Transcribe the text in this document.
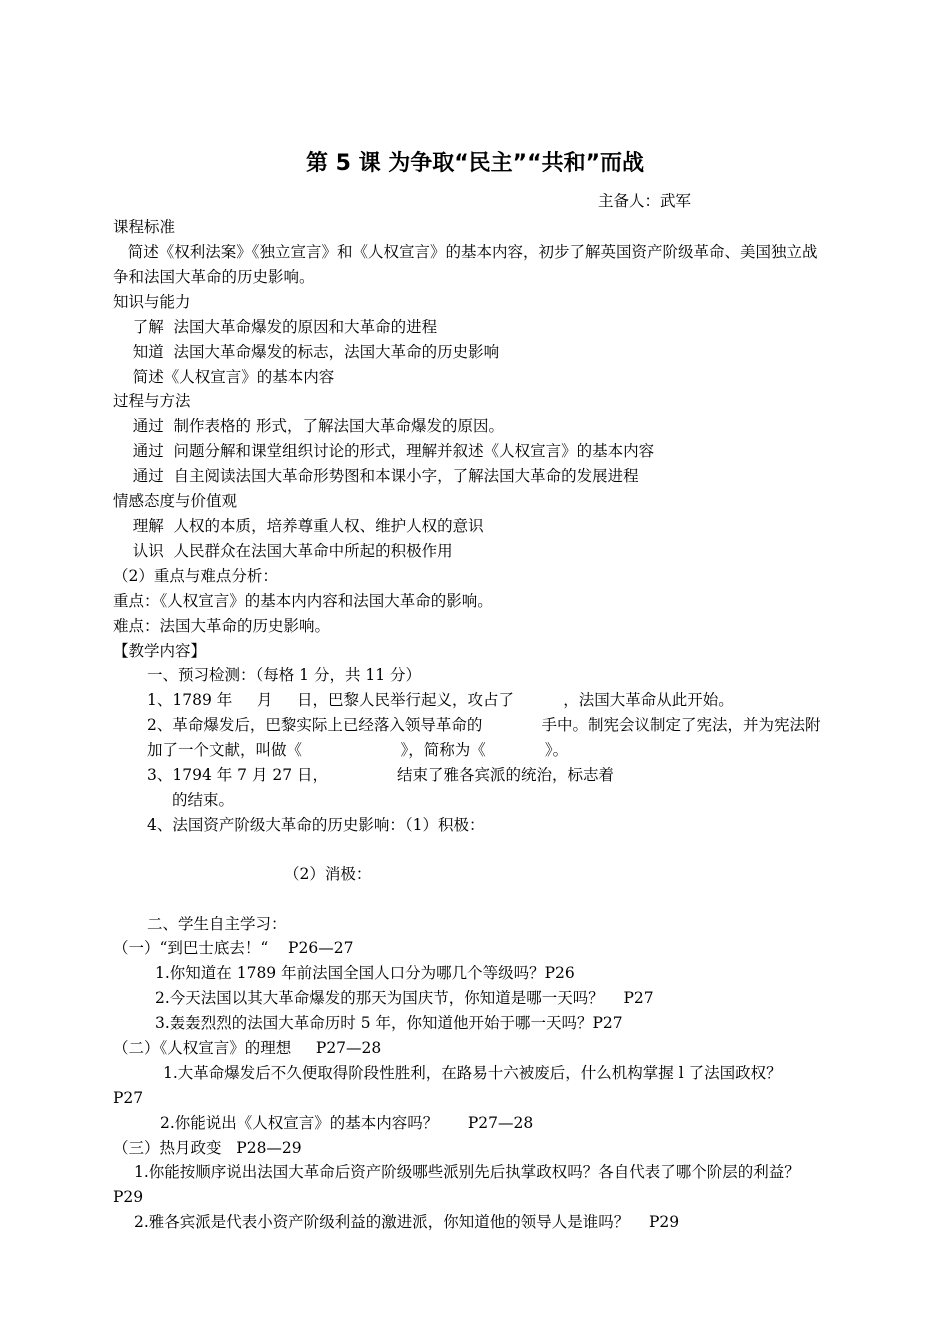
第 5 课 为争取“民主”“共和”而战
主备人：武军
课程标准
简述《权利法案》《独立宣言》和《人权宣言》的基本内容，初步了解英国资产阶级革命、美国独立战
争和法国大革命的历史影响。
知识与能力
了解  法国大革命爆发的原因和大革命的进程
知道  法国大革命爆发的标志，法国大革命的历史影响
简述《人权宣言》的基本内容
过程与方法
通过  制作表格的 形式，了解法国大革命爆发的原因。
通过  问题分解和课堂组织讨论的形式，理解并叙述《人权宣言》的基本内容
通过  自主阅读法国大革命形势图和本课小字，了解法国大革命的发展进程
情感态度与价值观
理解  人权的本质，培养尊重人权、维护人权的意识
认识  人民群众在法国大革命中所起的积极作用
（2）重点与难点分析：
重点：《人权宣言》的基本内内容和法国大革命的影响。
难点：法国大革命的历史影响。
【教学内容】
一、预习检测：（每格 1 分，共 11 分）
1、1789 年     月     日，巴黎人民举行起义，攻占了          ，法国大革命从此开始。
2、革命爆发后，巴黎实际上已经落入领导革命的            手中。制宪会议制定了宪法，并为宪法附
加了一个文献，叫做《                    》，简称为《            》。
3、1794 年 7 月 27 日，              结束了雅各宾派的统治，标志着
的结束。
4、法国资产阶级大革命的历史影响：（1）积极：
（2）消极：
二、学生自主学习：
（一）“到巴士底去！“    P26—27
1.你知道在 1789 年前法国全国人口分为哪几个等级吗？P26
2.今天法国以其大革命爆发的那天为国庆节，你知道是哪一天吗？    P27
3.轰轰烈烈的法国大革命历时 5 年，你知道他开始于哪一天吗？P27
（二）《人权宣言》的理想     P27—28
1.大革命爆发后不久便取得阶段性胜利，在路易十六被废后，什么机构掌握 l 了法国政权？
P27
2.你能说出《人权宣言》的基本内容吗？      P27—28
（三）热月政变   P28—29
1.你能按顺序说出法国大革命后资产阶级哪些派别先后执掌政权吗？各自代表了哪个阶层的利益？
P29
2.雅各宾派是代表小资产阶级利益的激进派，你知道他的领导人是谁吗？    P29
